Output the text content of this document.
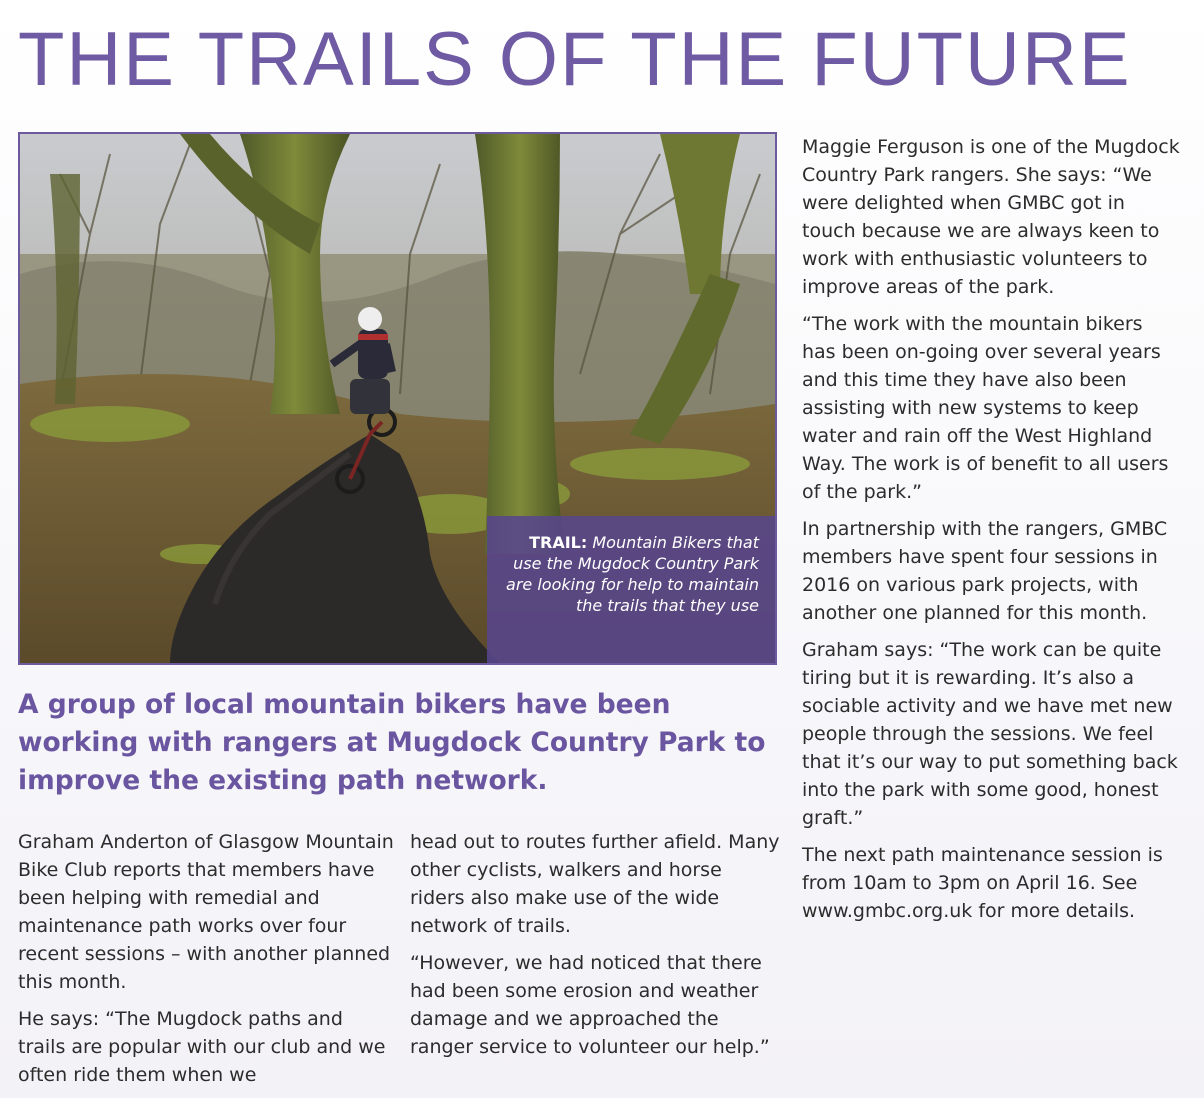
THE TRAILS OF THE FUTURE
TRAIL: Mountain Bikers that use the Mugdock Country Park are looking for help to maintain the trails that they use

A group of local mountain bikers have been working with rangers at Mugdock Country Park to improve the existing path network.

Graham Anderton of Glasgow Mountain Bike Club reports that members have been helping with remedial and maintenance path works over four recent sessions – with another planned this month.

He says: “The Mugdock paths and trails are popular with our club and we often ride them when we

head out to routes further afield. Many other cyclists, walkers and horse riders also make use of the wide network of trails.

“However, we had noticed that there had been some erosion and weather damage and we approached the ranger service to volunteer our help.”

Maggie Ferguson is one of the Mugdock Country Park rangers. She says: “We were delighted when GMBC got in touch because we are always keen to work with enthusiastic volunteers to improve areas of the park.

“The work with the mountain bikers has been on-going over several years and this time they have also been assisting with new systems to keep water and rain off the West Highland Way. The work is of benefit to all users of the park.”

In partnership with the rangers, GMBC members have spent four sessions in 2016 on various park projects, with another one planned for this month.

Graham says: “The work can be quite tiring but it is rewarding. It’s also a sociable activity and we have met new people through the sessions. We feel that it’s our way to put something back into the park with some good, honest graft.”

The next path maintenance session is from 10am to 3pm on April 16. See www.gmbc.org.uk for more details.
